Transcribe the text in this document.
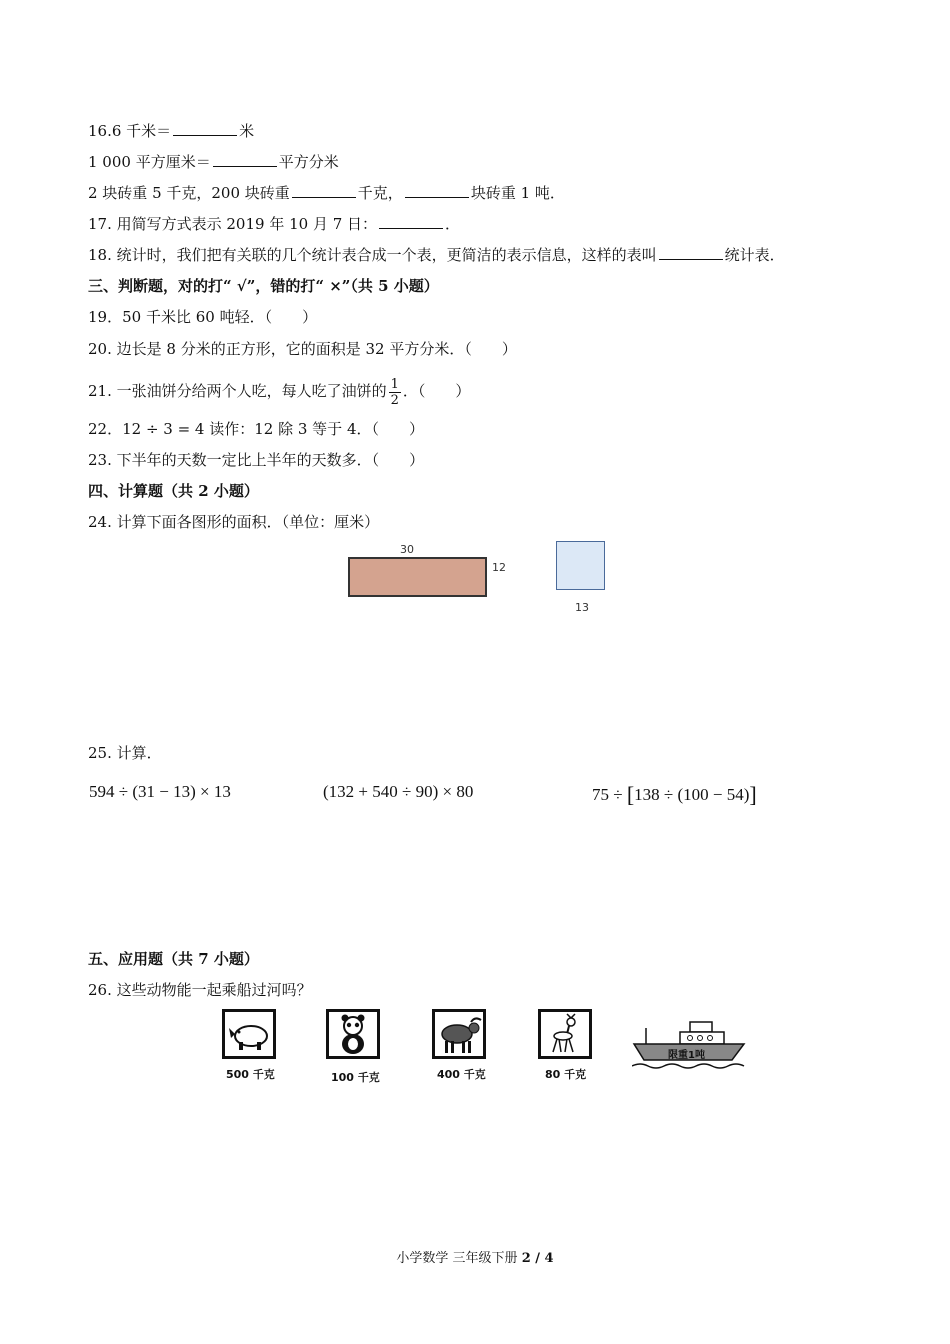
16.6 千米＝	米
1 000 平方厘米＝	平方分米
2 块砖重 5 千克，200 块砖重	千克，	块砖重 1 吨．
17. 用简写方式表示 2019 年 10 月 7 日：	．
18. 统计时，我们把有关联的几个统计表合成一个表，更简洁的表示信息，这样的表叫	统计表．
三、判断题，对的打“ √”，错的打“ ×”（共 5 小题）
19．50 千米比 60 吨轻．（　　）
20. 边长是 8 分米的正方形，它的面积是 32 平方分米．（　　）
21. 一张油饼分给两个人吃，每人吃了油饼的 $\frac{1}{2}$ ．（　　）
22．12 ÷ 3 = 4 读作：12 除 3 等于 4．（　　）
23. 下半年的天数一定比上半年的天数多．（　　）
四、计算题（共 2 小题）
24. 计算下面各图形的面积．（单位：厘米）
30
12
13
25. 计算．
594 ÷ (31 − 13) × 13	(132 + 540 ÷ 90) × 80	75 ÷ [138 ÷ (100 − 54)]
五、应用题（共 7 小题）
26. 这些动物能一起乘船过河吗？
500 千克	100 千克	400 千克	80 千克
限重1吨
小学数学 三年级下册 2 / 4
